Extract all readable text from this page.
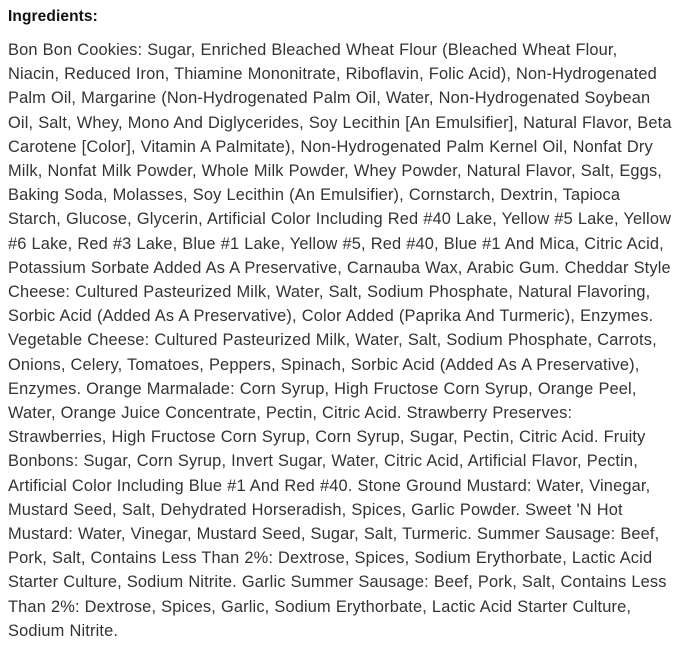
Ingredients:

Bon Bon Cookies: Sugar, Enriched Bleached Wheat Flour (Bleached Wheat Flour, Niacin, Reduced Iron, Thiamine Mononitrate, Riboflavin, Folic Acid), Non-Hydrogenated Palm Oil, Margarine (Non-Hydrogenated Palm Oil, Water, Non-Hydrogenated Soybean Oil, Salt, Whey, Mono And Diglycerides, Soy Lecithin [An Emulsifier], Natural Flavor, Beta Carotene [Color], Vitamin A Palmitate), Non-Hydrogenated Palm Kernel Oil, Nonfat Dry Milk, Nonfat Milk Powder, Whole Milk Powder, Whey Powder, Natural Flavor, Salt, Eggs, Baking Soda, Molasses, Soy Lecithin (An Emulsifier), Cornstarch, Dextrin, Tapioca Starch, Glucose, Glycerin, Artificial Color Including Red #40 Lake, Yellow #5 Lake, Yellow #6 Lake, Red #3 Lake, Blue #1 Lake, Yellow #5, Red #40, Blue #1 And Mica, Citric Acid, Potassium Sorbate Added As A Preservative, Carnauba Wax, Arabic Gum. Cheddar Style Cheese: Cultured Pasteurized Milk, Water, Salt, Sodium Phosphate, Natural Flavoring, Sorbic Acid (Added As A Preservative), Color Added (Paprika And Turmeric), Enzymes. Vegetable Cheese: Cultured Pasteurized Milk, Water, Salt, Sodium Phosphate, Carrots, Onions, Celery, Tomatoes, Peppers, Spinach, Sorbic Acid (Added As A Preservative), Enzymes. Orange Marmalade: Corn Syrup, High Fructose Corn Syrup, Orange Peel, Water, Orange Juice Concentrate, Pectin, Citric Acid. Strawberry Preserves: Strawberries, High Fructose Corn Syrup, Corn Syrup, Sugar, Pectin, Citric Acid. Fruity Bonbons: Sugar, Corn Syrup, Invert Sugar, Water, Citric Acid, Artificial Flavor, Pectin, Artificial Color Including Blue #1 And Red #40. Stone Ground Mustard: Water, Vinegar, Mustard Seed, Salt, Dehydrated Horseradish, Spices, Garlic Powder. Sweet 'N Hot Mustard: Water, Vinegar, Mustard Seed, Sugar, Salt, Turmeric. Summer Sausage: Beef, Pork, Salt, Contains Less Than 2%: Dextrose, Spices, Sodium Erythorbate, Lactic Acid Starter Culture, Sodium Nitrite. Garlic Summer Sausage: Beef, Pork, Salt, Contains Less Than 2%: Dextrose, Spices, Garlic, Sodium Erythorbate, Lactic Acid Starter Culture, Sodium Nitrite.
